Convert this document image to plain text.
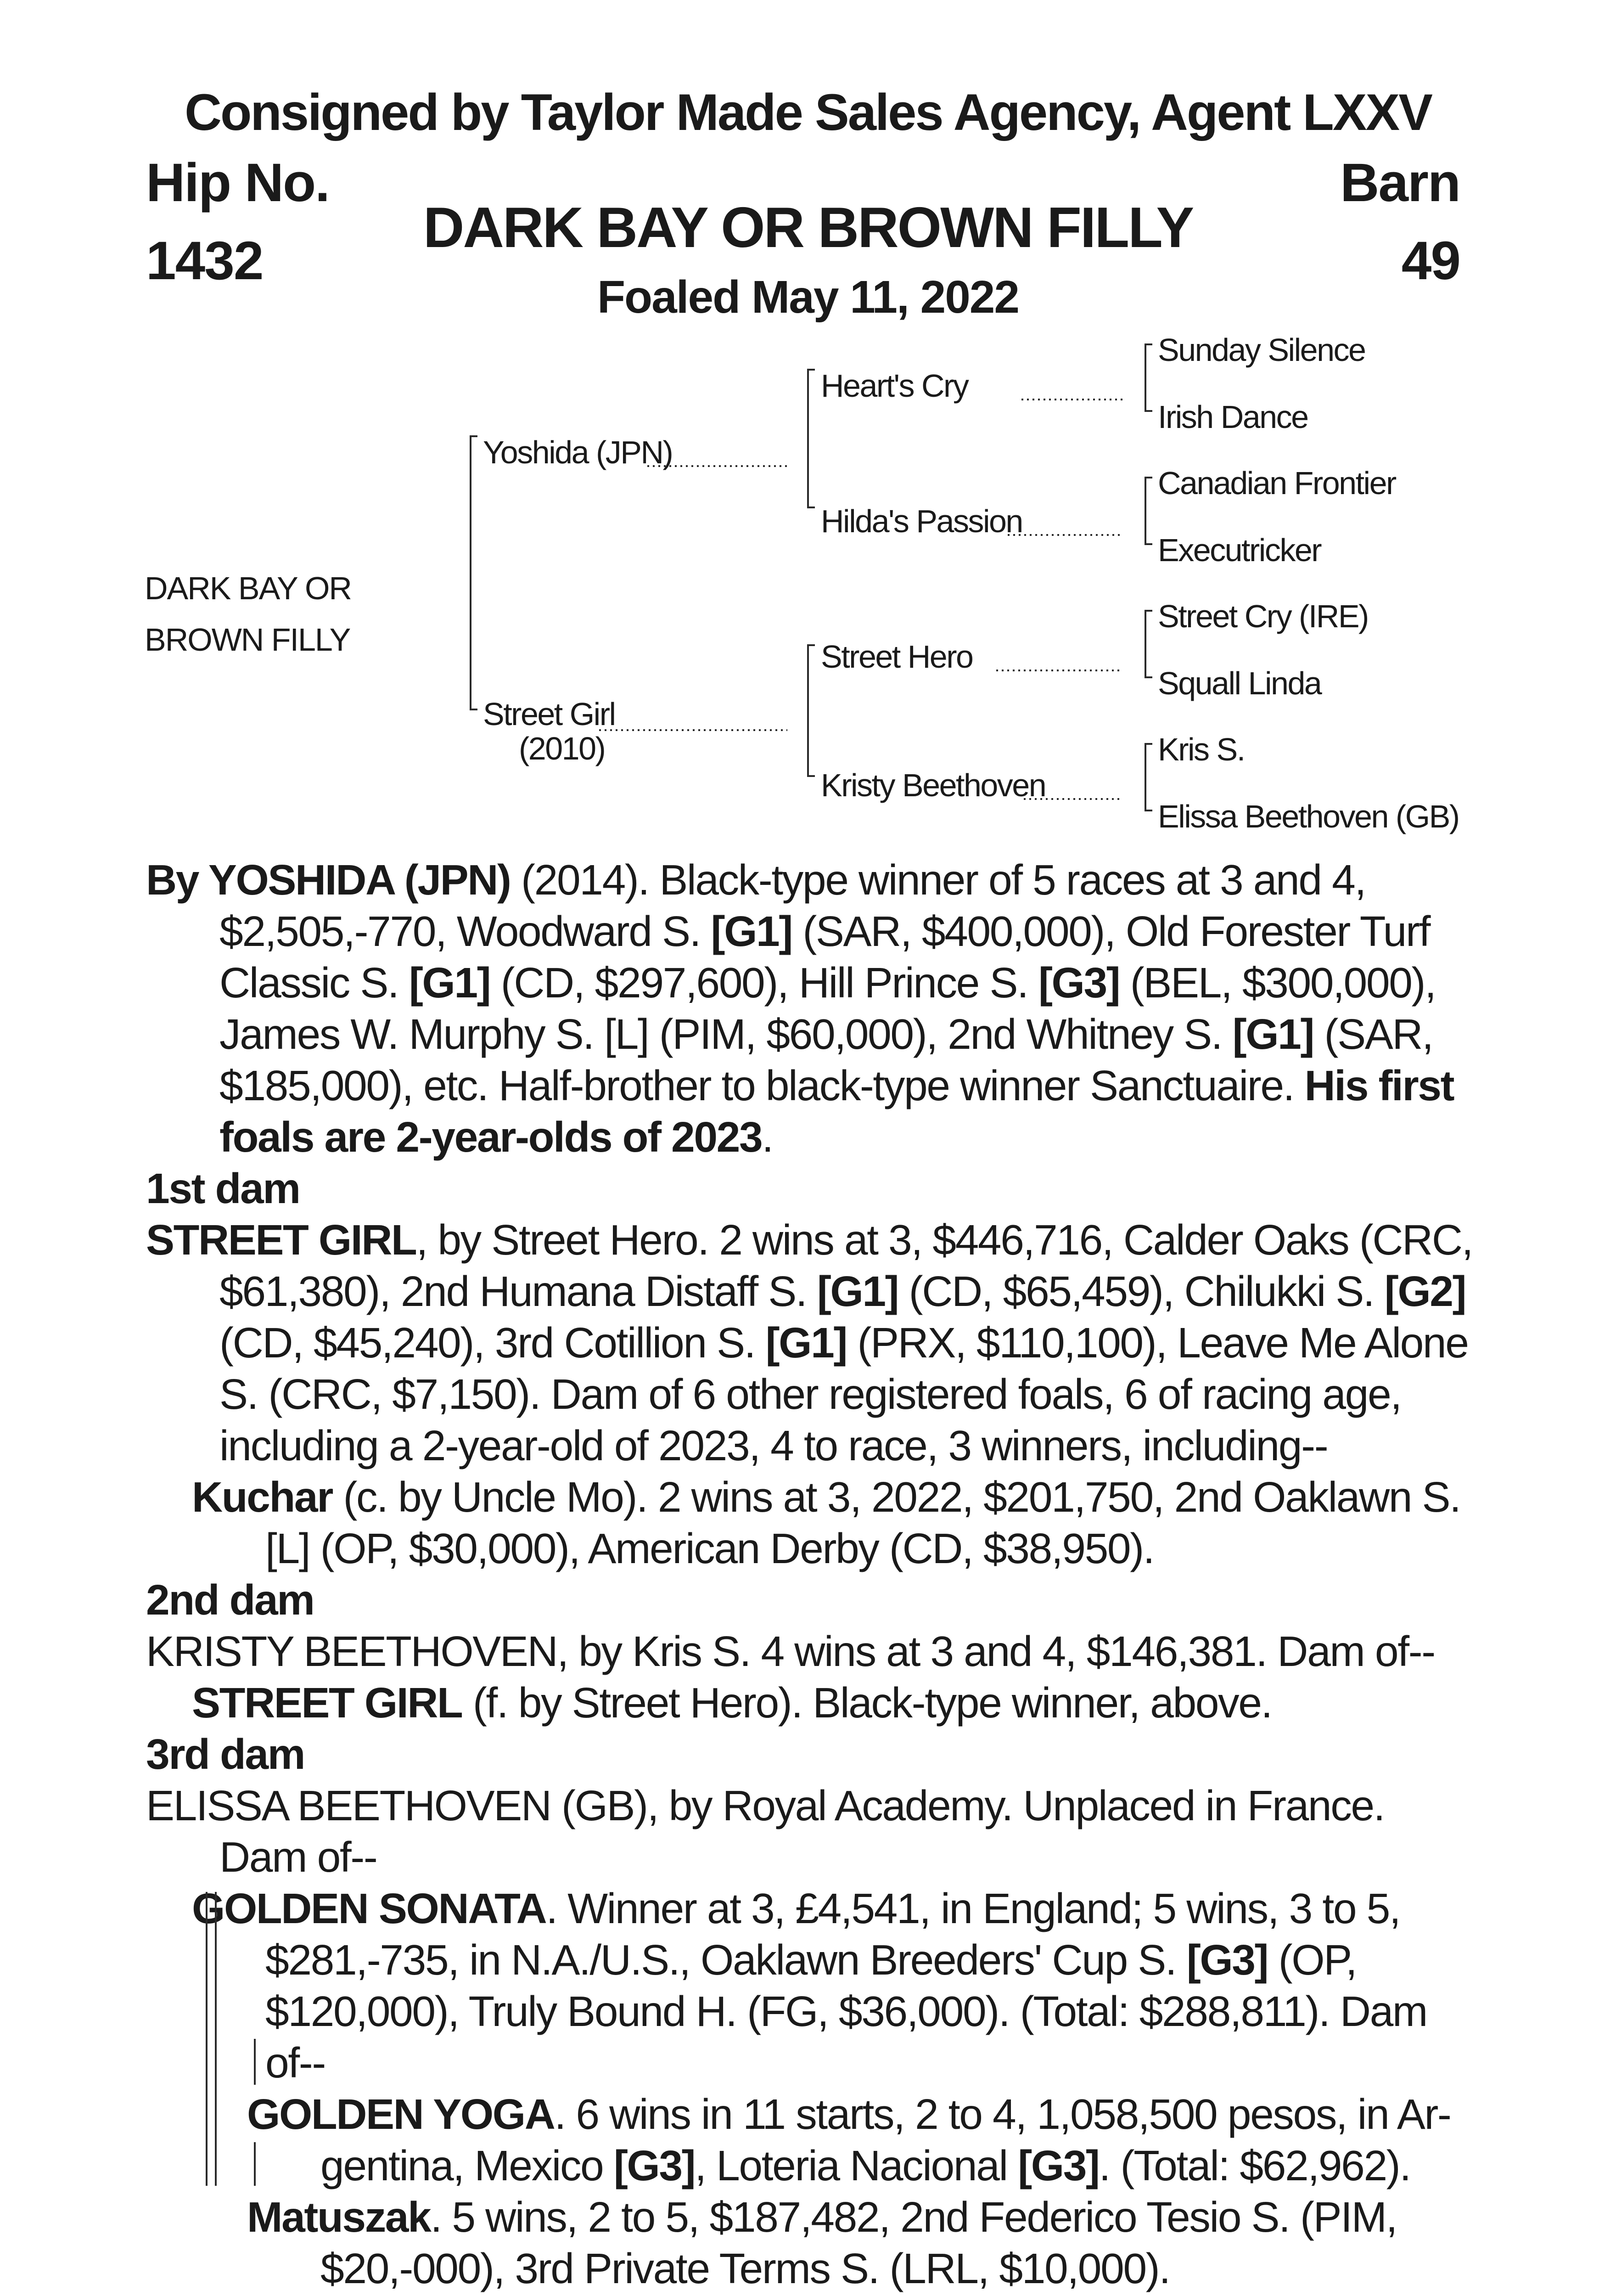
Consigned by Taylor Made Sales Agency, Agent LXXV
Hip No.
1432
Barn
49
DARK BAY OR BROWN FILLY
Foaled May 11, 2022
DARK BAY OR
BROWN FILLY
Yoshida (JPN)
Street Girl
(2010)
Heart's Cry
Hilda's Passion
Street Hero
Kristy Beethoven
Sunday Silence
Irish Dance
Canadian Frontier
Executricker
Street Cry (IRE)
Squall Linda
Kris S.
Elissa Beethoven (GB)

By YOSHIDA (JPN) (2014). Black-type winner of 5 races at 3 and 4, $2,505,-770, Woodward S. [G1] (SAR, $400,000), Old Forester Turf Classic S. [G1] (CD, $297,600), Hill Prince S. [G3] (BEL, $300,000), James W. Murphy S. [L] (PIM, $60,000), 2nd Whitney S. [G1] (SAR, $185,000), etc. Half-brother to black-type winner Sanctuaire. His first foals are 2-year-olds of 2023.

1st dam

STREET GIRL, by Street Hero. 2 wins at 3, $446,716, Calder Oaks (CRC, $61,380), 2nd Humana Distaff S. [G1] (CD, $65,459), Chilukki S. [G2] (CD, $45,240), 3rd Cotillion S. [G1] (PRX, $110,100), Leave Me Alone S. (CRC, $7,150). Dam of 6 other registered foals, 6 of racing age, including a 2-year-old of 2023, 4 to race, 3 winners, including--

Kuchar (c. by Uncle Mo). 2 wins at 3, 2022, $201,750, 2nd Oaklawn S. [L] (OP, $30,000), American Derby (CD, $38,950).

2nd dam

KRISTY BEETHOVEN, by Kris S. 4 wins at 3 and 4, $146,381. Dam of--

STREET GIRL (f. by Street Hero). Black-type winner, above.

3rd dam

ELISSA BEETHOVEN (GB), by Royal Academy. Unplaced in France. Dam of--

GOLDEN SONATA. Winner at 3, £4,541, in England; 5 wins, 3 to 5, $281,-735, in N.A./U.S., Oaklawn Breeders' Cup S. [G3] (OP, $120,000), Truly Bound H. (FG, $36,000). (Total: $288,811). Dam of--

GOLDEN YOGA. 6 wins in 11 starts, 2 to 4, 1,058,500 pesos, in Ar-gentina, Mexico [G3], Loteria Nacional [G3]. (Total: $62,962).

Matuszak. 5 wins, 2 to 5, $187,482, 2nd Federico Tesio S. (PIM, $20,-000), 3rd Private Terms S. (LRL, $10,000).
